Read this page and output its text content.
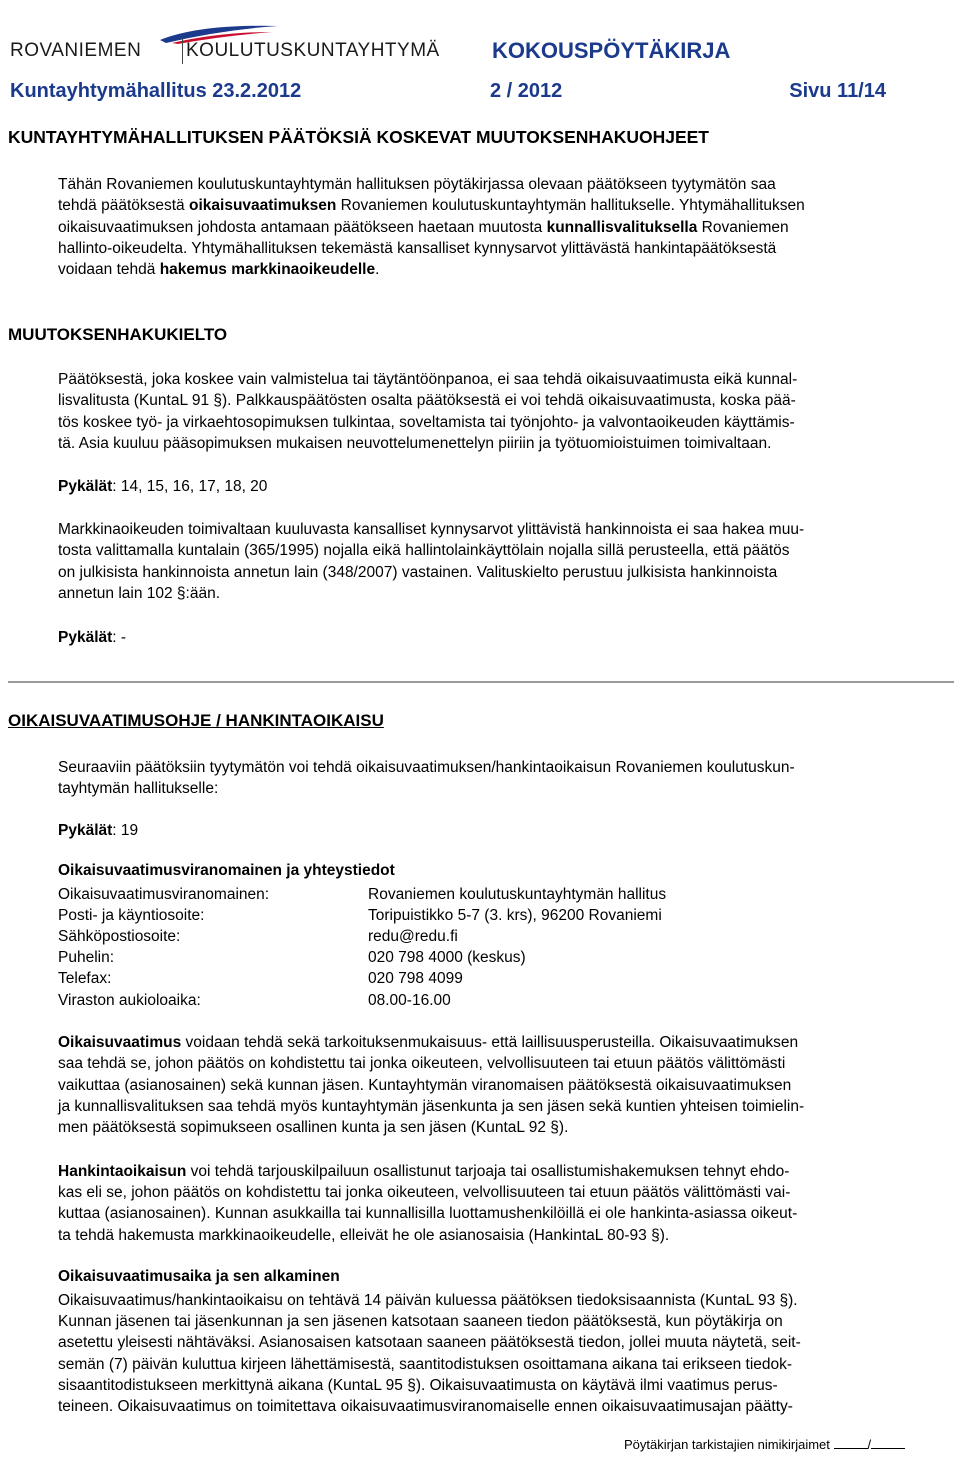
ROVANIEMEN KOULUTUSKUNTAYHTYMÄ KOKOUSPÖYTÄKIRJA
Kuntayhtymähallitus 23.2.2012	2 / 2012	Sivu 11/14
KUNTAYHTYMÄHALLITUKSEN PÄÄTÖKSIÄ KOSKEVAT MUUTOKSENHAKUOHJEET
Tähän Rovaniemen koulutuskuntayhtymän hallituksen pöytäkirjassa olevaan päätökseen tyytymätön saa
tehdä päätöksestä oikaisuvaatimuksen Rovaniemen koulutuskuntayhtymän hallitukselle. Yhtymähallituksen
oikaisuvaatimuksen johdosta antamaan päätökseen haetaan muutosta kunnallisvalituksella Rovaniemen
hallinto-oikeudelta. Yhtymähallituksen tekemästä kansalliset kynnysarvot ylittävästä hankintapäätöksestä
voidaan tehdä hakemus markkinaoikeudelle.
MUUTOKSENHAKUKIELTO
Päätöksestä, joka koskee vain valmistelua tai täytäntöönpanoa, ei saa tehdä oikaisuvaatimusta eikä kunnal-
lisvalitusta (KuntaL 91 §). Palkkauspäätösten osalta päätöksestä ei voi tehdä oikaisuvaatimusta, koska pää-
tös koskee työ- ja virkaehtosopimuksen tulkintaa, soveltamista tai työnjohto- ja valvontaoikeuden käyttämis-
tä. Asia kuuluu pääsopimuksen mukaisen neuvottelumenettelyn piiriin ja työtuomioistuimen toimivaltaan.
Pykälät: 14, 15, 16, 17, 18, 20
Markkinaoikeuden toimivaltaan kuuluvasta kansalliset kynnysarvot ylittävistä hankinnoista ei saa hakea muu-
tosta valittamalla kuntalain (365/1995) nojalla eikä hallintolainkäyttölain nojalla sillä perusteella, että päätös
on julkisista hankinnoista annetun lain (348/2007) vastainen. Valituskielto perustuu julkisista hankinnoista
annetun lain 102 §:ään.
Pykälät: -
OIKAISUVAATIMUSOHJE / HANKINTAOIKAISU
Seuraaviin päätöksiin tyytymätön voi tehdä oikaisuvaatimuksen/hankintaoikaisun Rovaniemen koulutuskun-
tayhtymän hallitukselle:
Pykälät: 19
Oikaisuvaatimusviranomainen ja yhteystiedot
Oikaisuvaatimusviranomainen:	Rovaniemen koulutuskuntayhtymän hallitus
Posti- ja käyntiosoite:	Toripuistikko 5-7 (3. krs), 96200 Rovaniemi
Sähköpostiosoite:	redu@redu.fi
Puhelin:	020 798 4000 (keskus)
Telefax:	020 798 4099
Viraston aukioloaika:	08.00-16.00
Oikaisuvaatimus voidaan tehdä sekä tarkoituksenmukaisuus- että laillisuusperusteilla. Oikaisuvaatimuksen
saa tehdä se, johon päätös on kohdistettu tai jonka oikeuteen, velvollisuuteen tai etuun päätös välittömästi
vaikuttaa (asianosainen) sekä kunnan jäsen. Kuntayhtymän viranomaisen päätöksestä oikaisuvaatimuksen
ja kunnallisvalituksen saa tehdä myös kuntayhtymän jäsenkunta ja sen jäsen sekä kuntien yhteisen toimielin-
men päätöksestä sopimukseen osallinen kunta ja sen jäsen (KuntaL 92 §).
Hankintaoikaisun voi tehdä tarjouskilpailuun osallistunut tarjoaja tai osallistumishakemuksen tehnyt ehdo-
kas eli se, johon päätös on kohdistettu tai jonka oikeuteen, velvollisuuteen tai etuun päätös välittömästi vai-
kuttaa (asianosainen). Kunnan asukkailla tai kunnallisilla luottamushenkilöillä ei ole hankinta-asiassa oikeut-
ta tehdä hakemusta markkinaoikeudelle, elleivät he ole asianosaisia (HankintaL 80-93 §).
Oikaisuvaatimusaika ja sen alkaminen
Oikaisuvaatimus/hankintaoikaisu on tehtävä 14 päivän kuluessa päätöksen tiedoksisaannista (KuntaL 93 §).
Kunnan jäsenen tai jäsenkunnan ja sen jäsenen katsotaan saaneen tiedon päätöksestä, kun pöytäkirja on
asetettu yleisesti nähtäväksi. Asianosaisen katsotaan saaneen päätöksestä tiedon, jollei muuta näytetä, seit-
semän (7) päivän kuluttua kirjeen lähettämisestä, saantitodistuksen osoittamana aikana tai erikseen tiedok-
sisaantitodistukseen merkittynä aikana (KuntaL 95 §). Oikaisuvaatimusta on käytävä ilmi vaatimus perus-
teineen. Oikaisuvaatimus on toimitettava oikaisuvaatimusviranomaiselle ennen oikaisuvaatimusajan päätty-
Pöytäkirjan tarkistajien nimikirjaimet	/
